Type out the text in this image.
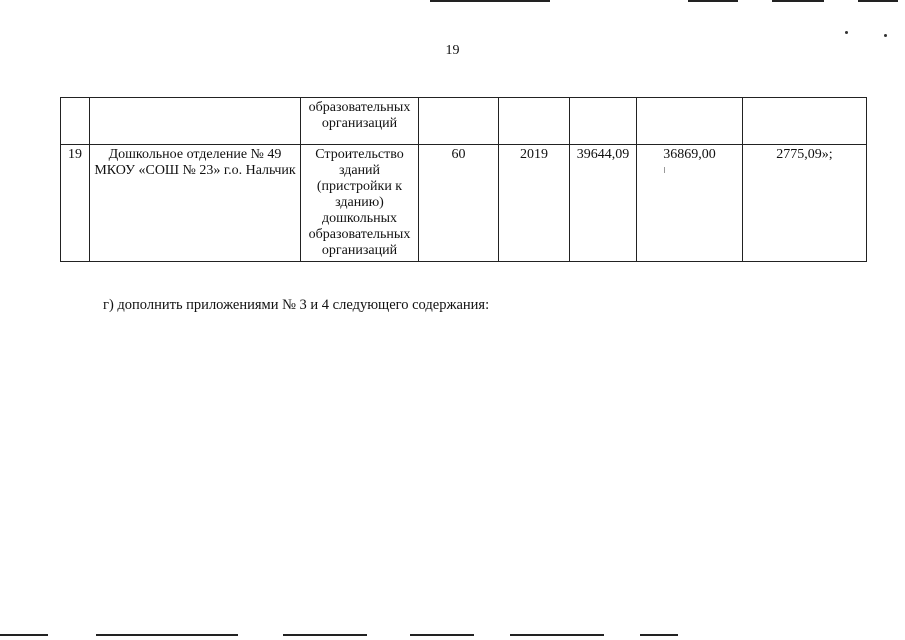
19
		образовательных организаций					
19	Дошкольное отделение № 49 МКОУ «СОШ № 23» г.о. Нальчик	Строительство зданий (пристройки к зданию) дошкольных образовательных организаций	60	2019	39644,09	36869,00	2775,09»;
г) дополнить приложениями № 3 и 4 следующего содержания:
